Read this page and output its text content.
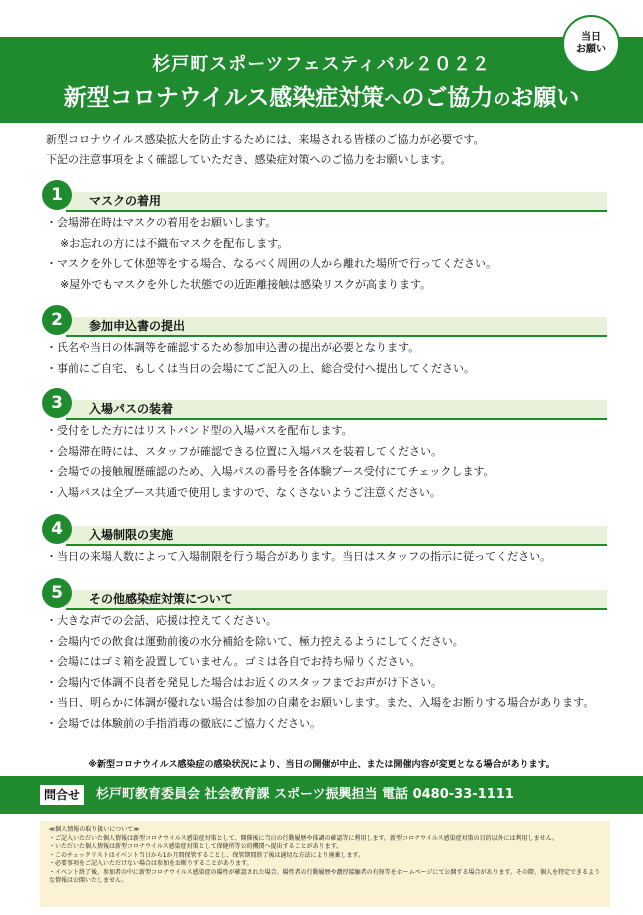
当日
お願い
杉戸町スポーツフェスティバル２０２２
新型コロナウイルス感染症対策へのご協力のお願い
新型コロナウイルス感染拡大を防止するためには、来場される皆様のご協力が必要です。
下記の注意事項をよく確認していただき、感染症対策へのご協力をお願いします。
1	マスクの着用
・会場滞在時はマスクの着用をお願いします。
※お忘れの方には不織布マスクを配布します。
・マスクを外して休憩等をする場合、なるべく周囲の人から離れた場所で行ってください。
※屋外でもマスクを外した状態での近距離接触は感染リスクが高まります。
2	参加申込書の提出
・氏名や当日の体調等を確認するため参加申込書の提出が必要となります。
・事前にご自宅、もしくは当日の会場にてご記入の上、総合受付へ提出してください。
3	入場パスの装着
・受付をした方にはリストバンド型の入場パスを配布します。
・会場滞在時には、スタッフが確認できる位置に入場パスを装着してください。
・会場での接触履歴確認のため、入場パスの番号を各体験ブース受付にてチェックします。
・入場パスは全ブース共通で使用しますので、なくさないようご注意ください。
4	入場制限の実施
・当日の来場人数によって入場制限を行う場合があります。当日はスタッフの指示に従ってください。
5	その他感染症対策について
・大きな声での会話、応援は控えてください。
・会場内での飲食は運動前後の水分補給を除いて、極力控えるようにしてください。
・会場にはゴミ箱を設置していません。ゴミは各自でお持ち帰りください。
・会場内で体調不良者を発見した場合はお近くのスタッフまでお声がけ下さい。
・当日、明らかに体調が優れない場合は参加の自粛をお願いします。また、入場をお断りする場合があります。
・会場では体験前の手指消毒の徹底にご協力ください。
※新型コロナウイルス感染症の感染状況により、当日の開催が中止、または開催内容が変更となる場合があります。
問合せ	杉戸町教育委員会 社会教育課 スポーツ振興担当 電話 0480-33-1111
≪個人情報の取り扱いについて≫
・ご記入いただいた個人情報は新型コロナウイルス感染症対策として、開催後に当日の行動履歴や体調の確認等に利用します。新型コロナウイルス感染症対策の目的以外には利用しません。
・いただいた個人情報は新型コロナウイルス感染症対策として保健所等公的機関へ提出することがあります。
・このチェックリストはイベント当日から1か月間保管することし、保管期間終了後は適切な方法により廃棄します。
・必要事項をご記入いただけない場合は参加をお断りすることがあります。
・イベント終了後、参加者の中に新型コロナウイルス感染症の陽性が確認された場合、陽性者の行動履歴や濃厚接触者の有無等をホームページにて公開する場合があります。その際、個人を特定できるような情報は公開いたしません。
